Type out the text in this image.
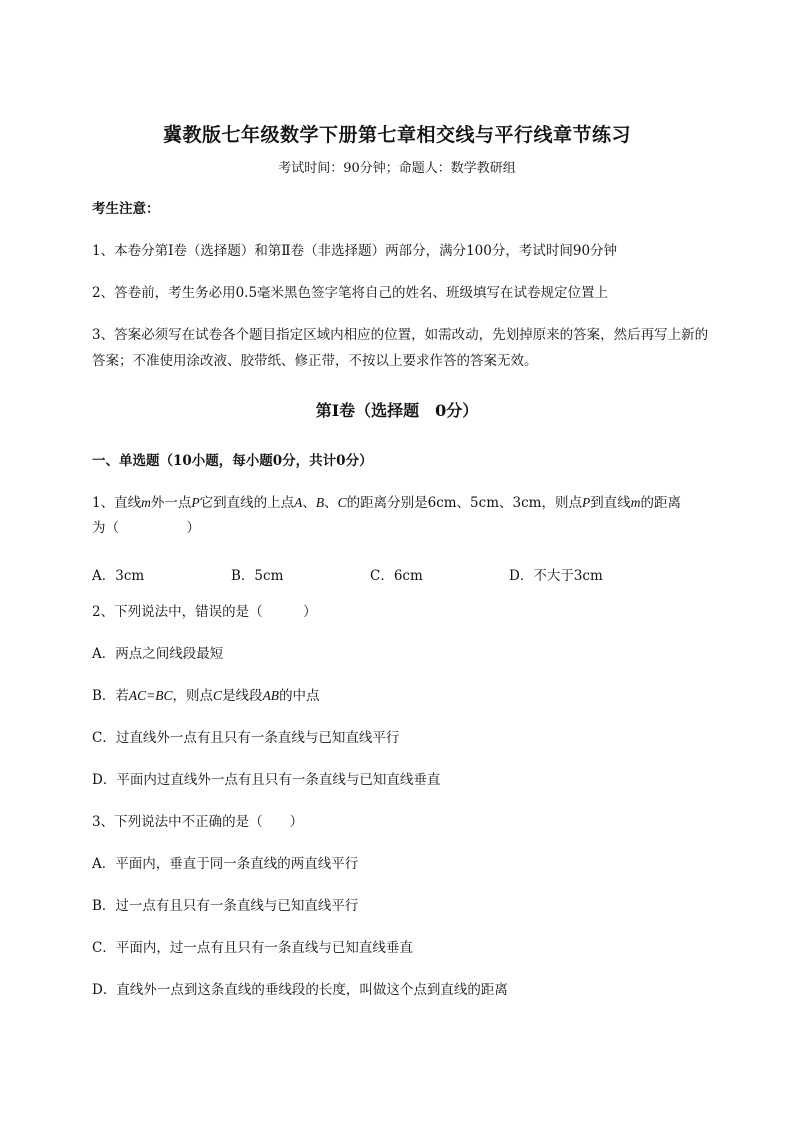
冀教版七年级数学下册第七章相交线与平行线章节练习
考试时间：90分钟；命题人：数学教研组
考生注意：
1、本卷分第I卷（选择题）和第Ⅱ卷（非选择题）两部分，满分100分，考试时间90分钟
2、答卷前，考生务必用0.5毫米黑色签字笔将自己的姓名、班级填写在试卷规定位置上
3、答案必须写在试卷各个题目指定区域内相应的位置，如需改动，先划掉原来的答案，然后再写上新的答案；不准使用涂改液、胶带纸、修正带，不按以上要求作答的答案无效。
第I卷（选择题　0分）
一、单选题（10小题，每小题0分，共计0分）
1、直线m外一点P它到直线的上点A、B、C的距离分别是6cm、5cm、3cm，则点P到直线m的距离
为（　　　　　）
A．3cm	B．5cm	C．6cm	D．不大于3cm
2、下列说法中，错误的是（　　　）
A．两点之间线段最短
B．若AC=BC，则点C是线段AB的中点
C．过直线外一点有且只有一条直线与已知直线平行
D．平面内过直线外一点有且只有一条直线与已知直线垂直
3、下列说法中不正确的是（　　）
A．平面内，垂直于同一条直线的两直线平行
B．过一点有且只有一条直线与已知直线平行
C．平面内，过一点有且只有一条直线与已知直线垂直
D．直线外一点到这条直线的垂线段的长度，叫做这个点到直线的距离
